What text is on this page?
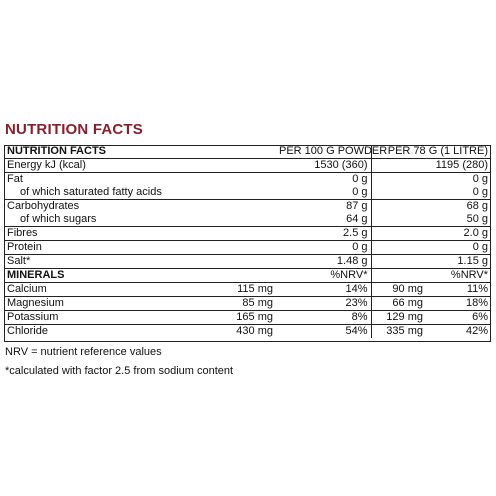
NUTRITION FACTS
NUTRITION FACTS		PER 100 G POWDER	PER 78 G (1 LITRE)	
Energy kJ (kcal)		1530 (360)	1195 (280)	
Fat		0 g	0 g	
of which saturated fatty acids		0 g	0 g	
Carbohydrates		87 g	68 g	
of which sugars		64 g	50 g	
Fibres		2.5 g	2.0 g	
Protein		0 g	0 g	
Salt*		1.48 g	1.15 g	
MINERALS		%NRV*		%NRV*
Calcium	115 mg	14%	90 mg	11%
Magnesium	85 mg	23%	66 mg	18%
Potassium	165 mg	8%	129 mg	6%
Chloride	430 mg	54%	335 mg	42%
NRV = nutrient reference values
*calculated with factor 2.5 from sodium content
